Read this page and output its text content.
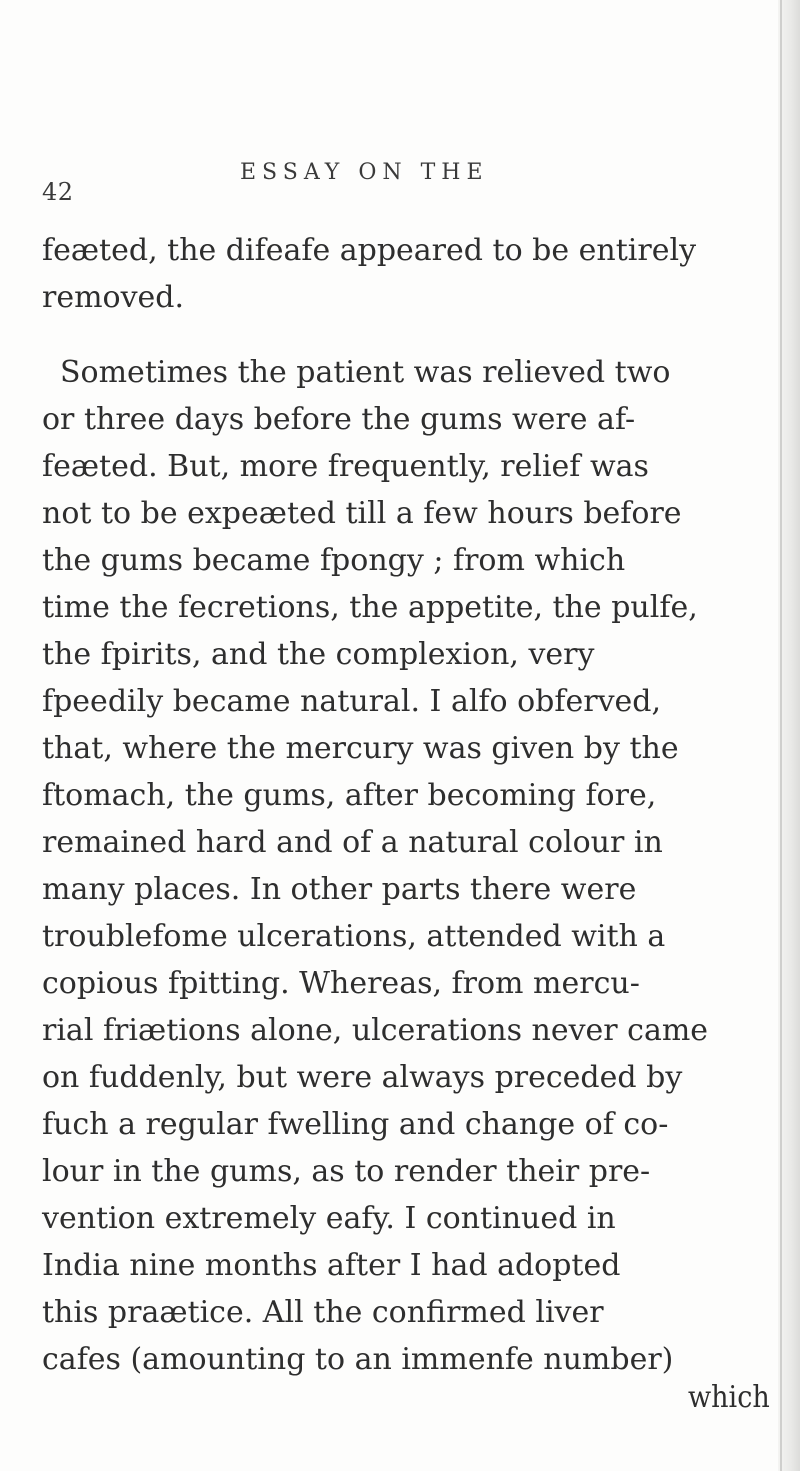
42
ESSAY ON THE
feæted, the difeafe appeared to be entirely
removed.
Sometimes the patient was relieved two
or three days before the gums were af-
feæted. But, more frequently, relief was
not to be expeæted till a few hours before
the gums became fpongy ; from which
time the fecretions, the appetite, the pulfe,
the fpirits, and the complexion, very
fpeedily became natural. I alfo obferved,
that, where the mercury was given by the
ftomach, the gums, after becoming fore,
remained hard and of a natural colour in
many places. In other parts there were
troublefome ulcerations, attended with a
copious fpitting. Whereas, from mercu-
rial friætions alone, ulcerations never came
on fuddenly, but were always preceded by
fuch a regular fwelling and change of co-
lour in the gums, as to render their pre-
vention extremely eafy. I continued in
India nine months after I had adopted
this praætice. All the confirmed liver
cafes (amounting to an immenfe number)
which
